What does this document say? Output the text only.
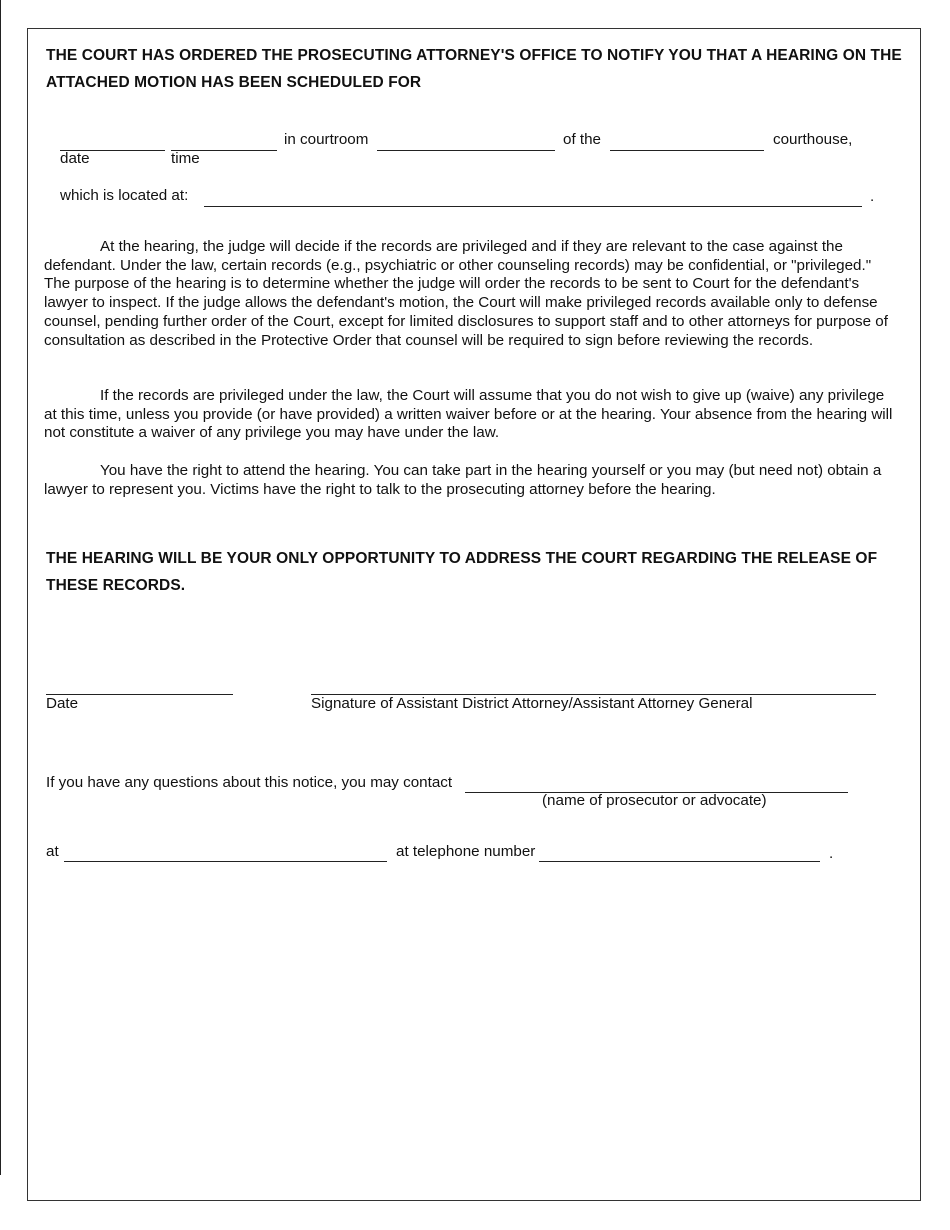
THE COURT HAS ORDERED THE PROSECUTING ATTORNEY'S OFFICE TO NOTIFY YOU THAT A HEARING ON THE ATTACHED MOTION HAS BEEN SCHEDULED FOR
in courtroom	of the	courthouse,
date	time
which is located at:	.
At the hearing, the judge will decide if the records are privileged and if they are relevant to the case against the defendant. Under the law, certain records (e.g., psychiatric or other counseling records) may be confidential, or "privileged." The purpose of the hearing is to determine whether the judge will order the records to be sent to Court for the defendant's lawyer to inspect. If the judge allows the defendant's motion, the Court will make privileged records available only to defense counsel, pending further order of the Court, except for limited disclosures to support staff and to other attorneys for purpose of consultation as described in the Protective Order that counsel will be required to sign before reviewing the records.
If the records are privileged under the law, the Court will assume that you do not wish to give up (waive) any privilege at this time, unless you provide (or have provided) a written waiver before or at the hearing. Your absence from the hearing will not constitute a waiver of any privilege you may have under the law.
You have the right to attend the hearing. You can take part in the hearing yourself or you may (but need not) obtain a lawyer to represent you. Victims have the right to talk to the prosecuting attorney before the hearing.
THE HEARING WILL BE YOUR ONLY OPPORTUNITY TO ADDRESS THE COURT REGARDING THE RELEASE OF THESE RECORDS.
Date	Signature of Assistant District Attorney/Assistant Attorney General
If you have any questions about this notice, you may contact
(name of prosecutor or advocate)
at	at telephone number	.
